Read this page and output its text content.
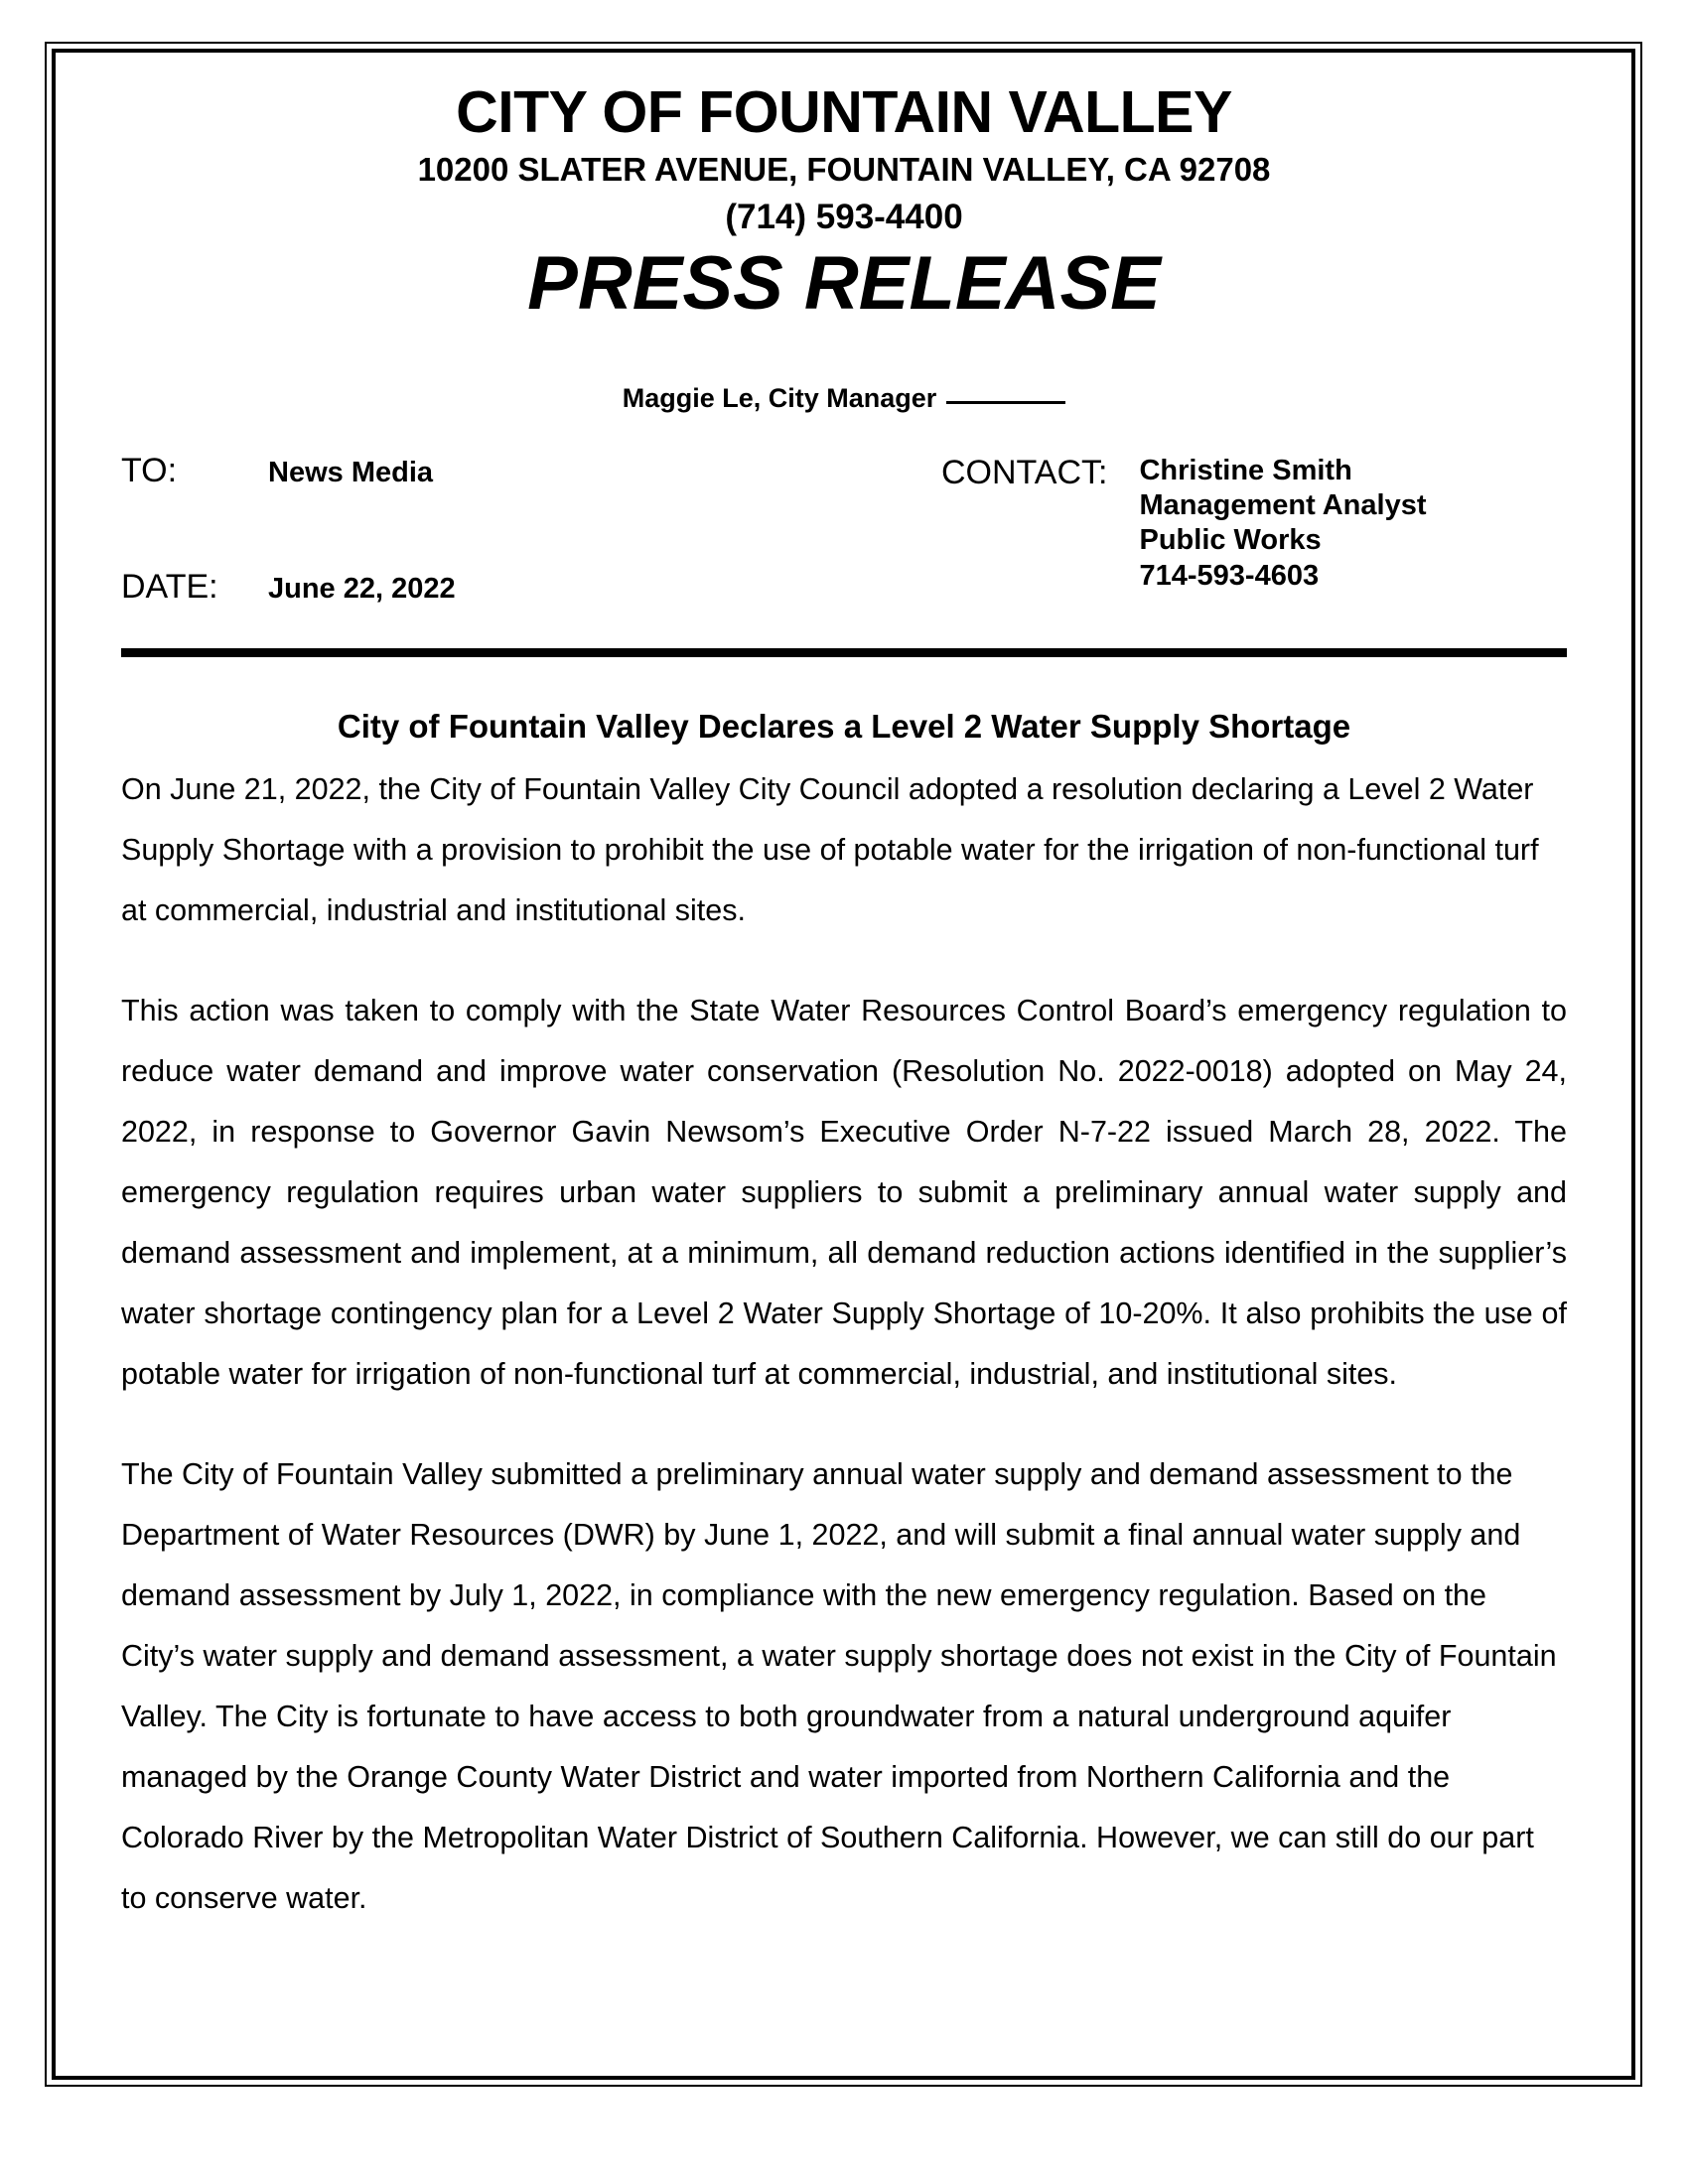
CITY OF FOUNTAIN VALLEY
10200 SLATER AVENUE, FOUNTAIN VALLEY, CA 92708
(714) 593-4400
PRESS RELEASE
Maggie Le, City Manager
TO:	News Media
DATE:	June 22, 2022
CONTACT: Christine Smith
Management Analyst
Public Works
714-593-4603
City of Fountain Valley Declares a Level 2 Water Supply Shortage

On June 21, 2022, the City of Fountain Valley City Council adopted a resolution declaring a Level 2 Water Supply Shortage with a provision to prohibit the use of potable water for the irrigation of non-functional turf at commercial, industrial and institutional sites.

This action was taken to comply with the State Water Resources Control Board’s emergency regulation to reduce water demand and improve water conservation (Resolution No. 2022-0018) adopted on May 24, 2022, in response to Governor Gavin Newsom’s Executive Order N-7-22 issued March 28, 2022. The emergency regulation requires urban water suppliers to submit a preliminary annual water supply and demand assessment and implement, at a minimum, all demand reduction actions identified in the supplier’s water shortage contingency plan for a Level 2 Water Supply Shortage of 10-20%. It also prohibits the use of potable water for irrigation of non-functional turf at commercial, industrial, and institutional sites.

The City of Fountain Valley submitted a preliminary annual water supply and demand assessment to the Department of Water Resources (DWR) by June 1, 2022, and will submit a final annual water supply and demand assessment by July 1, 2022, in compliance with the new emergency regulation. Based on the City’s water supply and demand assessment, a water supply shortage does not exist in the City of Fountain Valley. The City is fortunate to have access to both groundwater from a natural underground aquifer managed by the Orange County Water District and water imported from Northern California and the Colorado River by the Metropolitan Water District of Southern California. However, we can still do our part to conserve water.
